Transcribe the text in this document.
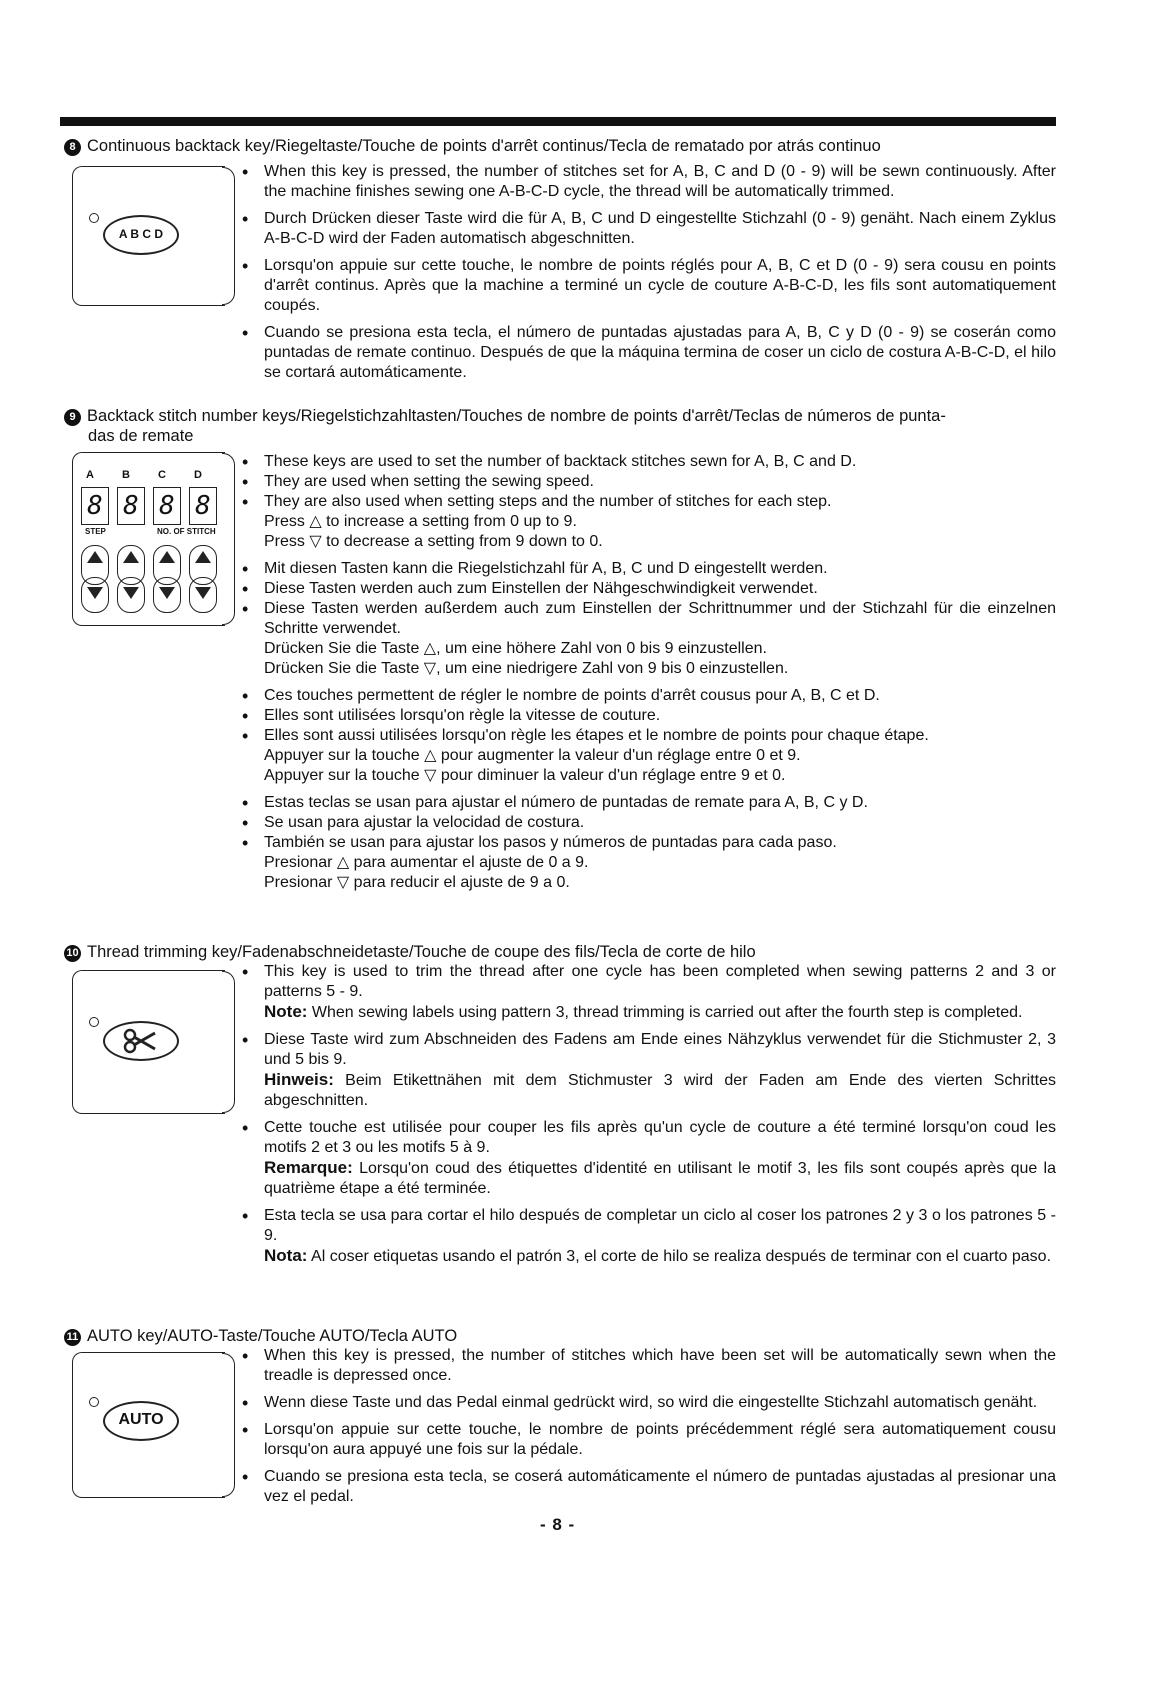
8 Continuous backtack key/Riegeltaste/Touche de points d'arrêt continus/Tecla de rematado por atrás continuo
A B C D
• When this key is pressed, the number of stitches set for A, B, C and D (0 - 9) will be sewn continuously. After the machine finishes sewing one A-B-C-D cycle, the thread will be automatically trimmed.
• Durch Drücken dieser Taste wird die für A, B, C und D eingestellte Stichzahl (0 - 9) genäht. Nach einem Zyklus A-B-C-D wird der Faden automatisch abgeschnitten.
• Lorsqu'on appuie sur cette touche, le nombre de points réglés pour A, B, C et D (0 - 9) sera cousu en points d'arrêt continus. Après que la machine a terminé un cycle de couture A-B-C-D, les fils sont automatiquement coupés.
• Cuando se presiona esta tecla, el número de puntadas ajustadas para A, B, C y D (0 - 9) se coserán como puntadas de remate continuo. Después de que la máquina termina de coser un ciclo de costura A-B-C-D, el hilo se cortará automáticamente.
9 Backtack stitch number keys/Riegelstichzahltasten/Touches de nombre de points d'arrêt/Teclas de números de punta-
das de remate
A	B	C	D
8 8 8 8
STEP	NO. OF STITCH
• These keys are used to set the number of backtack stitches sewn for A, B, C and D.
• They are used when setting the sewing speed.
• They are also used when setting steps and the number of stitches for each step.
Press △ to increase a setting from 0 up to 9.
Press ▽ to decrease a setting from 9 down to 0.
• Mit diesen Tasten kann die Riegelstichzahl für A, B, C und D eingestellt werden.
• Diese Tasten werden auch zum Einstellen der Nähgeschwindigkeit verwendet.
• Diese Tasten werden außerdem auch zum Einstellen der Schrittnummer und der Stichzahl für die einzelnen Schritte verwendet.
Drücken Sie die Taste △, um eine höhere Zahl von 0 bis 9 einzustellen.
Drücken Sie die Taste ▽, um eine niedrigere Zahl von 9 bis 0 einzustellen.
• Ces touches permettent de régler le nombre de points d'arrêt cousus pour A, B, C et D.
• Elles sont utilisées lorsqu'on règle la vitesse de couture.
• Elles sont aussi utilisées lorsqu'on règle les étapes et le nombre de points pour chaque étape.
Appuyer sur la touche △ pour augmenter la valeur d'un réglage entre 0 et 9.
Appuyer sur la touche ▽ pour diminuer la valeur d'un réglage entre 9 et 0.
• Estas teclas se usan para ajustar el número de puntadas de remate para A, B, C y D.
• Se usan para ajustar la velocidad de costura.
• También se usan para ajustar los pasos y números de puntadas para cada paso.
Presionar △ para aumentar el ajuste de 0 a 9.
Presionar ▽ para reducir el ajuste de 9 a 0.
10 Thread trimming key/Fadenabschneidetaste/Touche de coupe des fils/Tecla de corte de hilo
• This key is used to trim the thread after one cycle has been completed when sewing patterns 2 and 3 or patterns 5 - 9.
Note: When sewing labels using pattern 3, thread trimming is carried out after the fourth step is completed.
• Diese Taste wird zum Abschneiden des Fadens am Ende eines Nähzyklus verwendet für die Stichmuster 2, 3 und 5 bis 9.
Hinweis: Beim Etikettnähen mit dem Stichmuster 3 wird der Faden am Ende des vierten Schrittes abgeschnitten.
• Cette touche est utilisée pour couper les fils après qu'un cycle de couture a été terminé lorsqu'on coud les motifs 2 et 3 ou les motifs 5 à 9.
Remarque: Lorsqu'on coud des étiquettes d'identité en utilisant le motif 3, les fils sont coupés après que la quatrième étape a été terminée.
• Esta tecla se usa para cortar el hilo después de completar un ciclo al coser los patrones 2 y 3 o los patrones 5 - 9.
Nota: Al coser etiquetas usando el patrón 3, el corte de hilo se realiza después de terminar con el cuarto paso.
11 AUTO key/AUTO-Taste/Touche AUTO/Tecla AUTO
AUTO
• When this key is pressed, the number of stitches which have been set will be automatically sewn when the treadle is depressed once.
• Wenn diese Taste und das Pedal einmal gedrückt wird, so wird die eingestellte Stichzahl automatisch genäht.
• Lorsqu'on appuie sur cette touche, le nombre de points précédemment réglé sera automatiquement cousu lorsqu'on aura appuyé une fois sur la pédale.
• Cuando se presiona esta tecla, se coserá automáticamente el número de puntadas ajustadas al presionar una vez el pedal.
- 8 -
